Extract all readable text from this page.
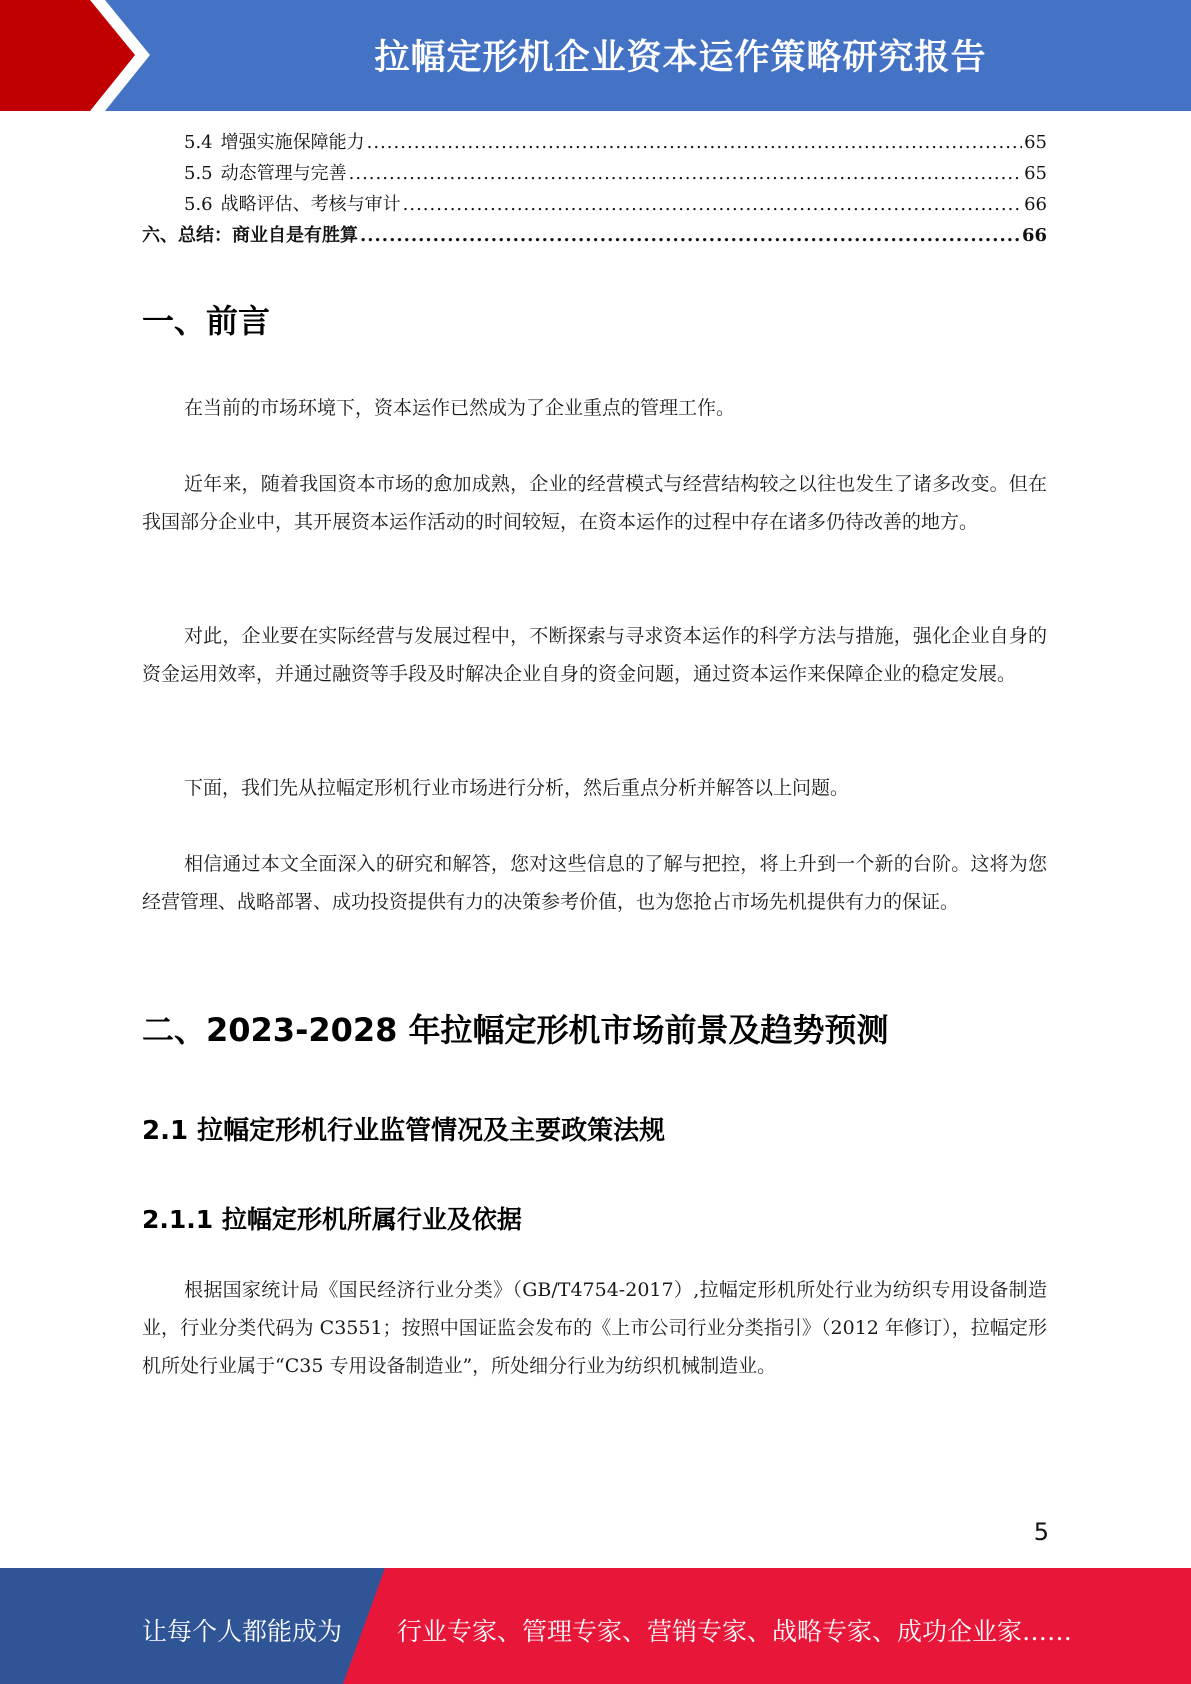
拉幅定形机企业资本运作策略研究报告
5.4 增强实施保障能力 .....	65
5.5 动态管理与完善 .....	65
5.6 战略评估、考核与审计 .....	66
六、总结：商业自是有胜算 .....	66
一、前言
在当前的市场环境下，资本运作已然成为了企业重点的管理工作。
近年来，随着我国资本市场的愈加成熟，企业的经营模式与经营结构较之以往也发生了诸多改变。但在我国部分企业中，其开展资本运作活动的时间较短，在资本运作的过程中存在诸多仍待改善的地方。
对此，企业要在实际经营与发展过程中，不断探索与寻求资本运作的科学方法与措施，强化企业自身的资金运用效率，并通过融资等手段及时解决企业自身的资金问题，通过资本运作来保障企业的稳定发展。
下面，我们先从拉幅定形机行业市场进行分析，然后重点分析并解答以上问题。
相信通过本文全面深入的研究和解答，您对这些信息的了解与把控，将上升到一个新的台阶。这将为您经营管理、战略部署、成功投资提供有力的决策参考价值，也为您抢占市场先机提供有力的保证。
二、2023-2028 年拉幅定形机市场前景及趋势预测
2.1 拉幅定形机行业监管情况及主要政策法规
2.1.1 拉幅定形机所属行业及依据
根据国家统计局《国民经济行业分类》（GB/T4754-2017）,拉幅定形机所处行业为纺织专用设备制造业，行业分类代码为 C3551；按照中国证监会发布的《上市公司行业分类指引》（2012 年修订），拉幅定形机所处行业属于“C35 专用设备制造业”，所处细分行业为纺织机械制造业。
5
让每个人都能成为 行业专家、管理专家、营销专家、战略专家、成功企业家……
